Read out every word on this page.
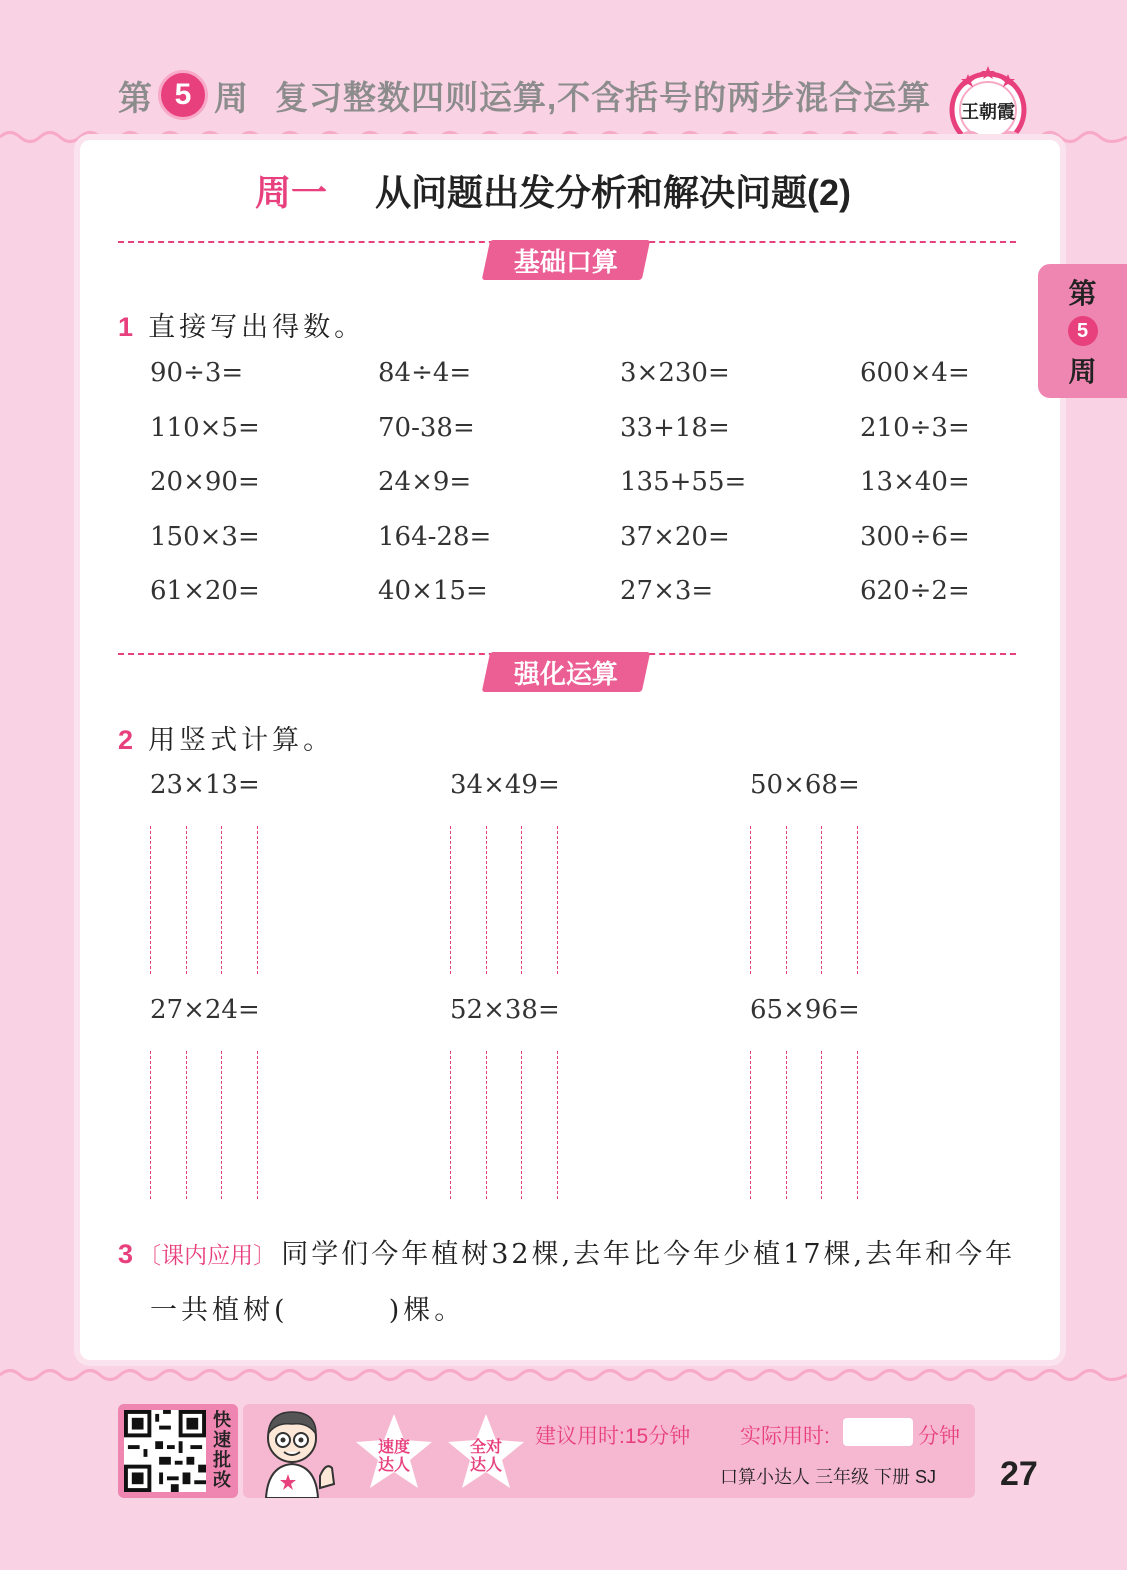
第 5 周 复习整数四则运算,不含括号的两步混合运算 王朝霞
第
5
周
周一 从问题出发分析和解决问题(2)
基础口算
1 直接写出得数。
90÷3=	84÷4=	3×230=	600×4=
110×5=	70-38=	33+18=	210÷3=
20×90=	24×9=	135+55=	13×40=
150×3=	164-28=	37×20=	300÷6=
61×20=	40×15=	27×3=	620÷2=
强化运算
2 用竖式计算。
23×13=	34×49=	50×68=
27×24=	52×38=	65×96=
3 〔课内应用〕 同学们今年植树32棵,去年比今年少植17棵,去年和今年
一共植树(	)棵。
快
速
批
改
速度
达人
全对
达人
建议用时:15分钟 实际用时:	分钟
口算小达人 三年级 下册 SJ 27
